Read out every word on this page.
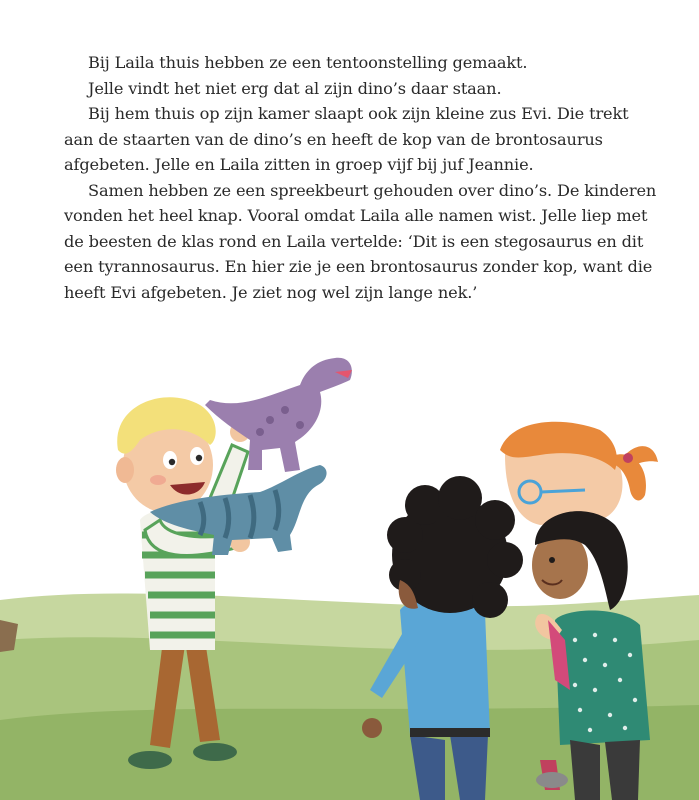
Bij Laila thuis hebben ze een tentoonstelling gemaakt.

Jelle vindt het niet erg dat al zijn dino’s daar staan.

Bij hem thuis op zijn kamer slaapt ook zijn kleine zus Evi. Die trekt
aan de staarten van de dino’s en heeft de kop van de brontosaurus
afgebeten. Jelle en Laila zitten in groep vijf bij juf Jeannie.

Samen hebben ze een spreekbeurt gehouden over dino’s. De kinderen
vonden het heel knap. Vooral omdat Laila alle namen wist. Jelle liep met
de beesten de klas rond en Laila vertelde: ‘Dit is een stegosaurus en dit
een tyrannosaurus. En hier zie je een brontosaurus zonder kop, want die
heeft Evi afgebeten. Je ziet nog wel zijn lange nek.’
